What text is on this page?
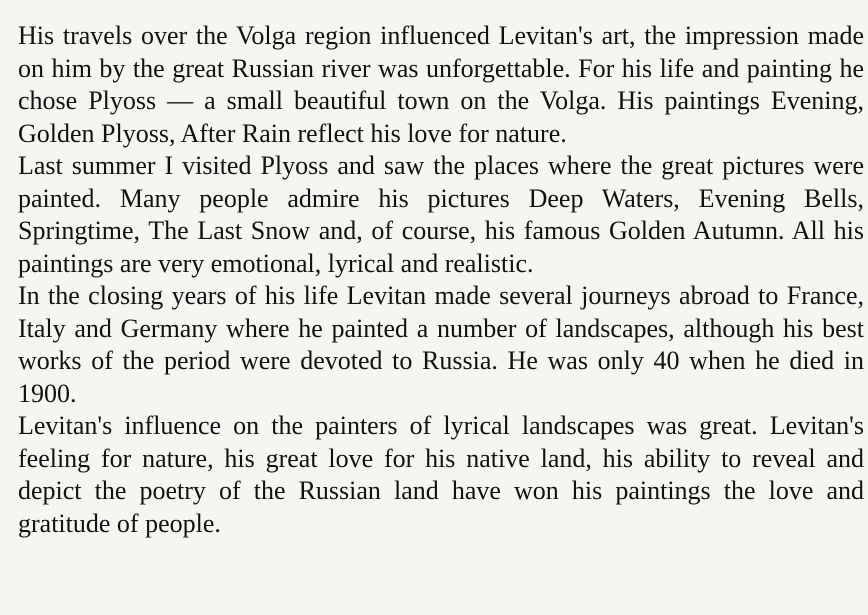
His travels over the Volga region influenced Levitan's art, the impression made on him by the great Russian river was unforgettable. For his life and painting he chose Plyoss — a small beautiful town on the Volga. His paintings Evening, Golden Plyoss, After Rain reflect his love for nature.

Last summer I visited Plyoss and saw the places where the great pictures were painted. Many people admire his pictures Deep Waters, Evening Bells, Springtime, The Last Snow and, of course, his famous Golden Autumn. All his paintings are very emotional, lyrical and realistic.

In the closing years of his life Levitan made several journeys abroad to France, Italy and Germany where he painted a number of landscapes, although his best works of the period were devoted to Russia. He was only 40 when he died in 1900.

Levitan's influence on the painters of lyrical landscapes was great. Levitan's feeling for nature, his great love for his native land, his ability to reveal and depict the poetry of the Russian land have won his paintings the love and gratitude of people.
